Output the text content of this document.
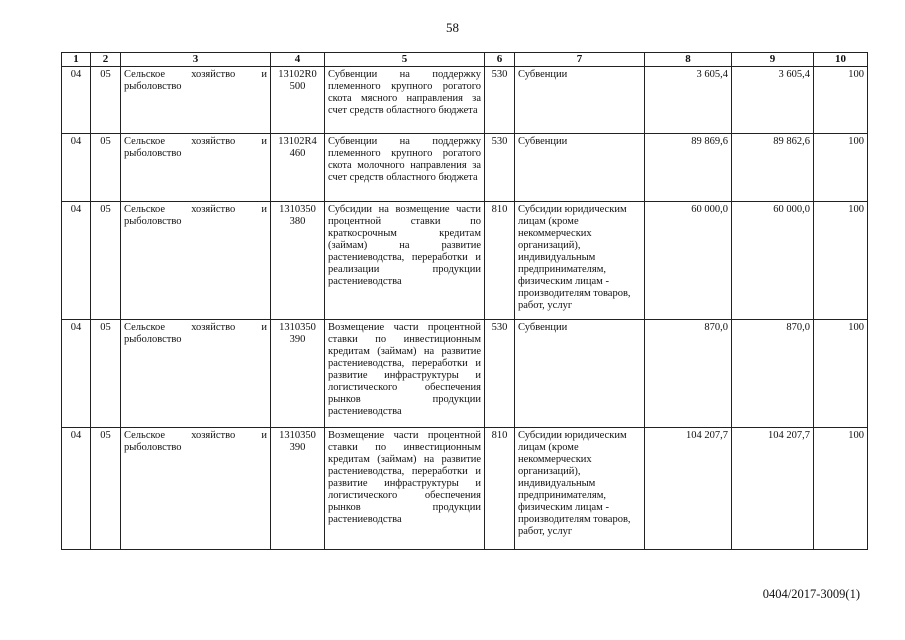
58
1	2	3	4	5	6	7	8	9	10
04	05	Сельское хозяйство и рыболовство	13102R0 500	Субвенции на поддержку племенного крупного рогатого скота мясного направления за счет средств областного бюджета	530	Субвенции	3 605,4	3 605,4	100
04	05	Сельское хозяйство и рыболовство	13102R4 460	Субвенции на поддержку племенного крупного рогатого скота молочного направления за счет средств областного бюджета	530	Субвенции	89 869,6	89 862,6	100
04	05	Сельское хозяйство и рыболовство	1310350 380	Субсидии на возмещение части процентной ставки по краткосрочным кредитам (займам) на развитие растениеводства, переработки и реализации продукции растениеводства	810	Субсидии юридическим лицам (кроме некоммерческих организаций), индивидуальным предпринимателям, физическим лицам - производителям товаров, работ, услуг	60 000,0	60 000,0	100
04	05	Сельское хозяйство и рыболовство	1310350 390	Возмещение части процентной ставки по инвестиционным кредитам (займам) на развитие растениеводства, переработки и развитие инфраструктуры и логистического обеспечения рынков продукции растениеводства	530	Субвенции	870,0	870,0	100
04	05	Сельское хозяйство и рыболовство	1310350 390	Возмещение части процентной ставки по инвестиционным кредитам (займам) на развитие растениеводства, переработки и развитие инфраструктуры и логистического обеспечения рынков продукции растениеводства	810	Субсидии юридическим лицам (кроме некоммерческих организаций), индивидуальным предпринимателям, физическим лицам - производителям товаров, работ, услуг	104 207,7	104 207,7	100
0404/2017-3009(1)
